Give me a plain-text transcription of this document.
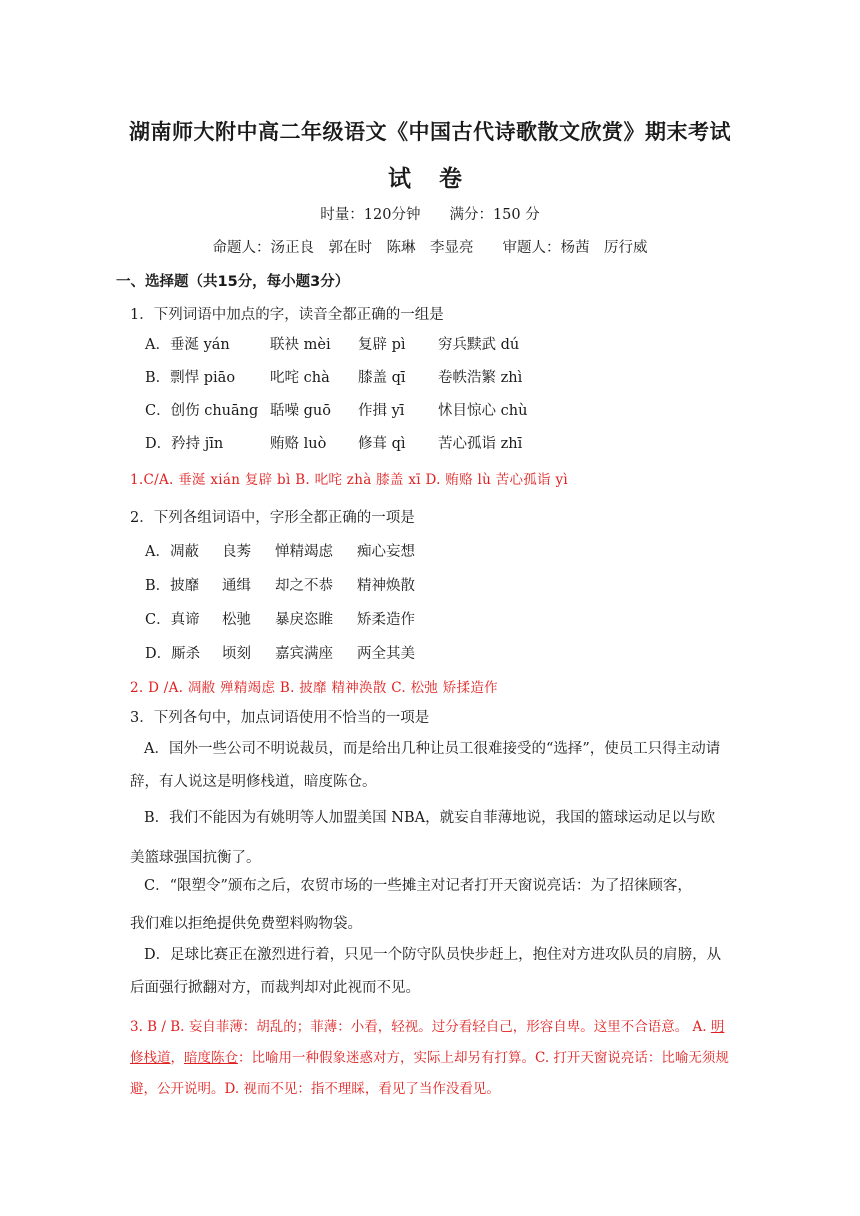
湖南师大附中高二年级语文《中国古代诗歌散文欣赏》期末考试
试 卷
时量：120分钟　　满分：150 分
命题人：汤正良　郭在时　陈琳　李显亮　　审题人：杨茜　厉行威
一、选择题（共15分，每小题3分）
1．下列词语中加点的字，读音全都正确的一组是
A．垂涎 yán	联袂 mèi 复辟 pì 穷兵黩武 dú
B．剽悍 piāo 叱咤 chà 膝盖 qī 卷帙浩繁 zhì
C．创伤 chuāng 聒噪 guō 作揖 yī 怵目惊心 chù
D．矜持 jīn	贿赂 luò 修葺 qì 苦心孤诣 zhī
1.C/A. 垂涎 xián 复辟 bì B. 叱咤 zhà 膝盖 xī D. 贿赂 lù 苦心孤诣 yì
2．下列各组词语中，字形全都正确的一项是
A．凋蔽 良莠 惮精竭虑 痴心妄想
B．披靡 通缉 却之不恭 精神焕散
C．真谛 松驰 暴戾恣睢 矫柔造作
D．厮杀 顷刻 嘉宾满座 两全其美
2. D /A. 凋敝 殚精竭虑 B. 披靡 精神涣散 C. 松弛 矫揉造作
3．下列各句中，加点词语使用不恰当的一项是
A．国外一些公司不明说裁员，而是给出几种让员工很难接受的“选择”，使员工只得主动请辞，有人说这是明修栈道，暗度陈仓。
B．我们不能因为有姚明等人加盟美国 NBA，就妄自菲薄地说，我国的篮球运动足以与欧
美篮球强国抗衡了。
C．“限塑令”颁布之后，农贸市场的一些摊主对记者打开天窗说亮话：为了招徕顾客，
我们难以拒绝提供免费塑料购物袋。
D．足球比赛正在激烈进行着，只见一个防守队员快步赶上，抱住对方进攻队员的肩膀，从后面强行掀翻对方，而裁判却对此视而不见。
3. B / B. 妄自菲薄：胡乱的；菲薄：小看，轻视。过分看轻自己，形容自卑。这里不合语意。 A. 明修栈道，暗度陈仓：比喻用一种假象迷惑对方，实际上却另有打算。C. 打开天窗说亮话：比喻无须规避，公开说明。D. 视而不见：指不理睬，看见了当作没看见。
